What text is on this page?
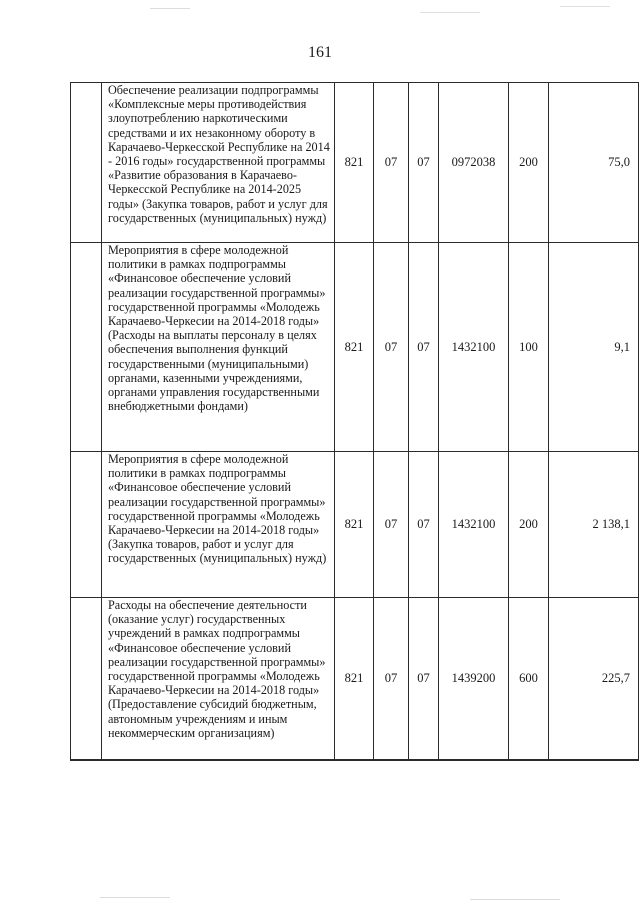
161
	Обеспечение реализации подпрограммы «Комплексные меры противодействия злоупотреблению наркотическими средствами и их незаконному обороту в Карачаево-Черкесской Республике на 2014 - 2016 годы» государственной программы «Развитие образования в Карачаево-Черкесской Республике на 2014-2025 годы» (Закупка товаров, работ и услуг для государственных (муниципальных) нужд)	821	07	07	0972038	200	75,0
	Мероприятия в сфере молодежной политики в рамках подпрограммы «Финансовое обеспечение условий реализации государственной программы» государственной программы «Молодежь Карачаево-Черкесии на 2014-2018 годы» (Расходы на выплаты персоналу в целях обеспечения выполнения функций государственными (муниципальными) органами, казенными учреждениями, органами управления государственными внебюджетными фондами)	821	07	07	1432100	100	9,1
	Мероприятия в сфере молодежной политики в рамках подпрограммы «Финансовое обеспечение условий реализации государственной программы» государственной программы «Молодежь Карачаево-Черкесии на 2014-2018 годы» (Закупка товаров, работ и услуг для государственных (муниципальных) нужд)	821	07	07	1432100	200	2 138,1
	Расходы на обеспечение деятельности (оказание услуг) государственных учреждений в рамках подпрограммы «Финансовое обеспечение условий реализации государственной программы» государственной программы «Молодежь Карачаево-Черкесии на 2014-2018 годы» (Предоставление субсидий бюджетным, автономным учреждениям и иным некоммерческим организациям)	821	07	07	1439200	600	225,7
